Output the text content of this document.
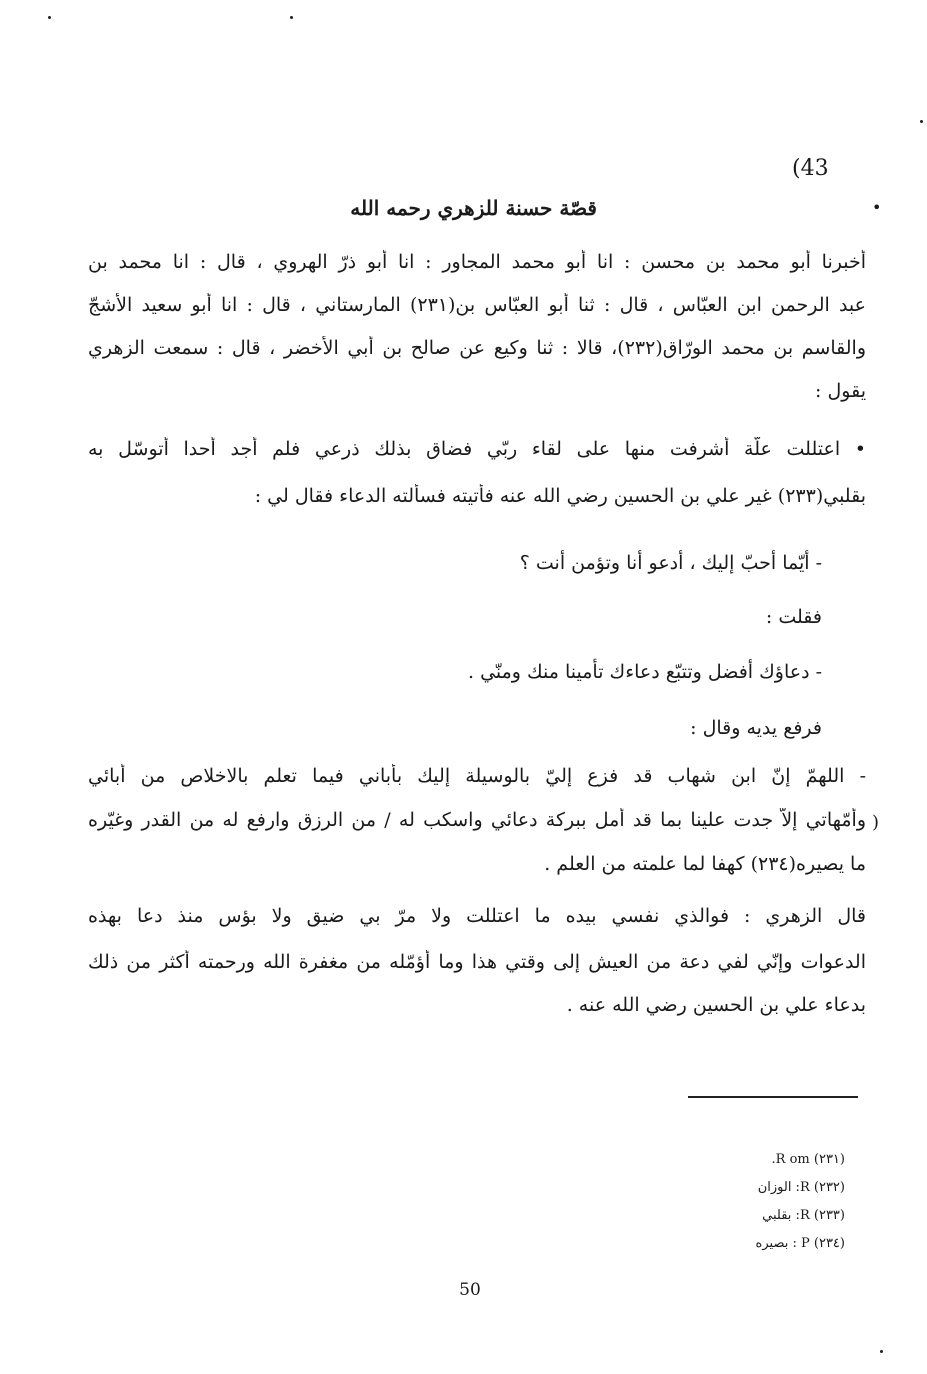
(43
قصّة حسنة للزهري رحمه الله	•
أخبرنا أبو محمد بن محسن : انا أبو محمد المجاور : انا أبو ذرّ الهروي ، قال : انا محمد بن
عبد الرحمن ابن العبّاس ، قال : ثنا أبو العبّاس بن(٢٣١) المارستاني ، قال : انا أبو سعيد الأشجّ
والقاسم بن محمد الورّاق(٢٣٢)، قالا : ثنا وكيع عن صالح بن أبي الأخضر ، قال : سمعت الزهري
يقول :
• اعتللت علّة أشرفت منها على لقاء ربّي فضاق بذلك ذرعي فلم أجد أحدا أتوسّل به
بقلبي(٢٣٣) غير علي بن الحسين رضي الله عنه فأتيته فسألته الدعاء فقال لي :
- أيّما أحبّ إليك ، أدعو أنا وتؤمن أنت ؟
فقلت :
- دعاؤك أفضل وتتبّع دعاءك تأمينا منك ومنّي .
فرفع يديه وقال :
- اللهمّ إنّ ابن شهاب قد فزع إليّ بالوسيلة إليك بأباني فيما تعلم بالاخلاص من أبائي
وأمّهاتي إلاّ جدت علينا بما قد أمل ببركة دعائي واسكب له / من الرزق وارفع له من القدر وغيّره
ما يصيره(٢٣٤) كهفا لما علمته من العلم .
)
قال الزهري : فوالذي نفسي بيده ما اعتللت ولا مرّ بي ضيق ولا بؤس منذ دعا بهذه
الدعوات وإنّي لفي دعة من العيش إلى وقتي هذا وما أؤمّله من مغفرة الله ورحمته أكثر من ذلك
بدعاء علي بن الحسين رضي الله عنه .
(٢٣١) R om.
(٢٣٢) R: الوزان
(٢٣٣) R: بقلبي
(٢٣٤) P : بصيره
50
